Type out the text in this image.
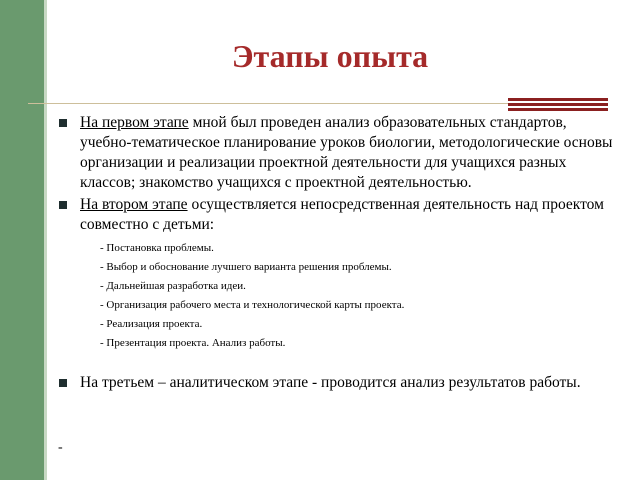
Этапы опыта
На первом этапе мной был проведен анализ образовательных стандартов, учебно-тематическое планирование уроков биологии, методологические основы организации и реализации проектной деятельности для учащихся разных классов; знакомство учащихся с проектной деятельностью.
На втором этапе осуществляется непосредственная деятельность над проектом совместно с детьми:
- Постановка проблемы.
- Выбор и обоснование лучшего варианта решения проблемы.
- Дальнейшая разработка идеи.
- Организация рабочего места и технологической карты проекта.
- Реализация проекта.
- Презентация проекта. Анализ работы.
На третьем – аналитическом этапе - проводится анализ результатов работы.
-
